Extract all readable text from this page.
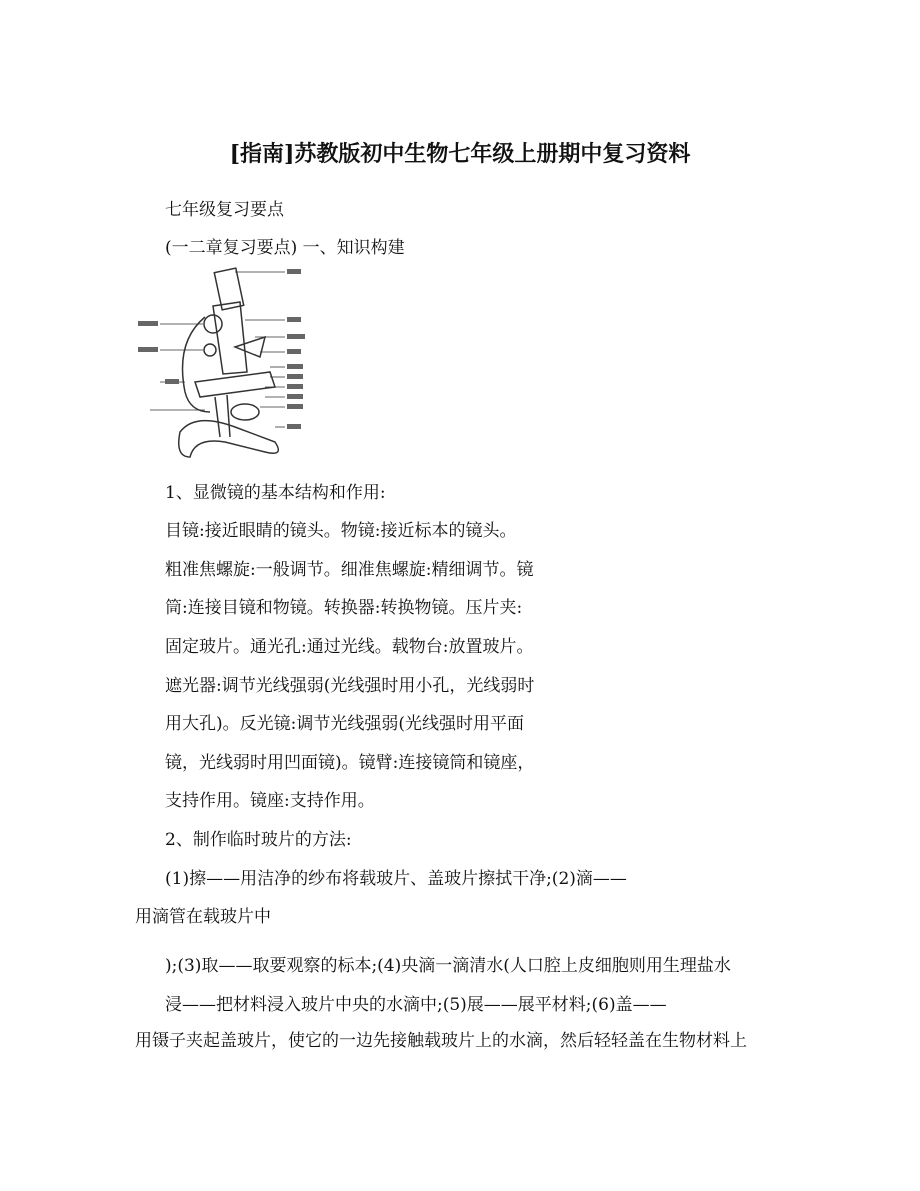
[指南]苏教版初中生物七年级上册期中复习资料
七年级复习要点
(一二章复习要点) 一、知识构建
1、显微镜的基本结构和作用:
目镜:接近眼睛的镜头。物镜:接近标本的镜头。
粗准焦螺旋:一般调节。细准焦螺旋:精细调节。镜
筒:连接目镜和物镜。转换器:转换物镜。压片夹:
固定玻片。通光孔:通过光线。载物台:放置玻片。
遮光器:调节光线强弱(光线强时用小孔，光线弱时
用大孔)。反光镜:调节光线强弱(光线强时用平面
镜，光线弱时用凹面镜)。镜臂:连接镜筒和镜座，
支持作用。镜座:支持作用。
2、制作临时玻片的方法:
(1)擦——用洁净的纱布将载玻片、盖玻片擦拭干净;(2)滴——
用滴管在载玻片中
);(3)取——取要观察的标本;(4)央滴一滴清水(人口腔上皮细胞则用生理盐水
浸——把材料浸入玻片中央的水滴中;(5)展——展平材料;(6)盖——
用镊子夹起盖玻片，使它的一边先接触载玻片上的水滴，然后轻轻盖在生物材料上
